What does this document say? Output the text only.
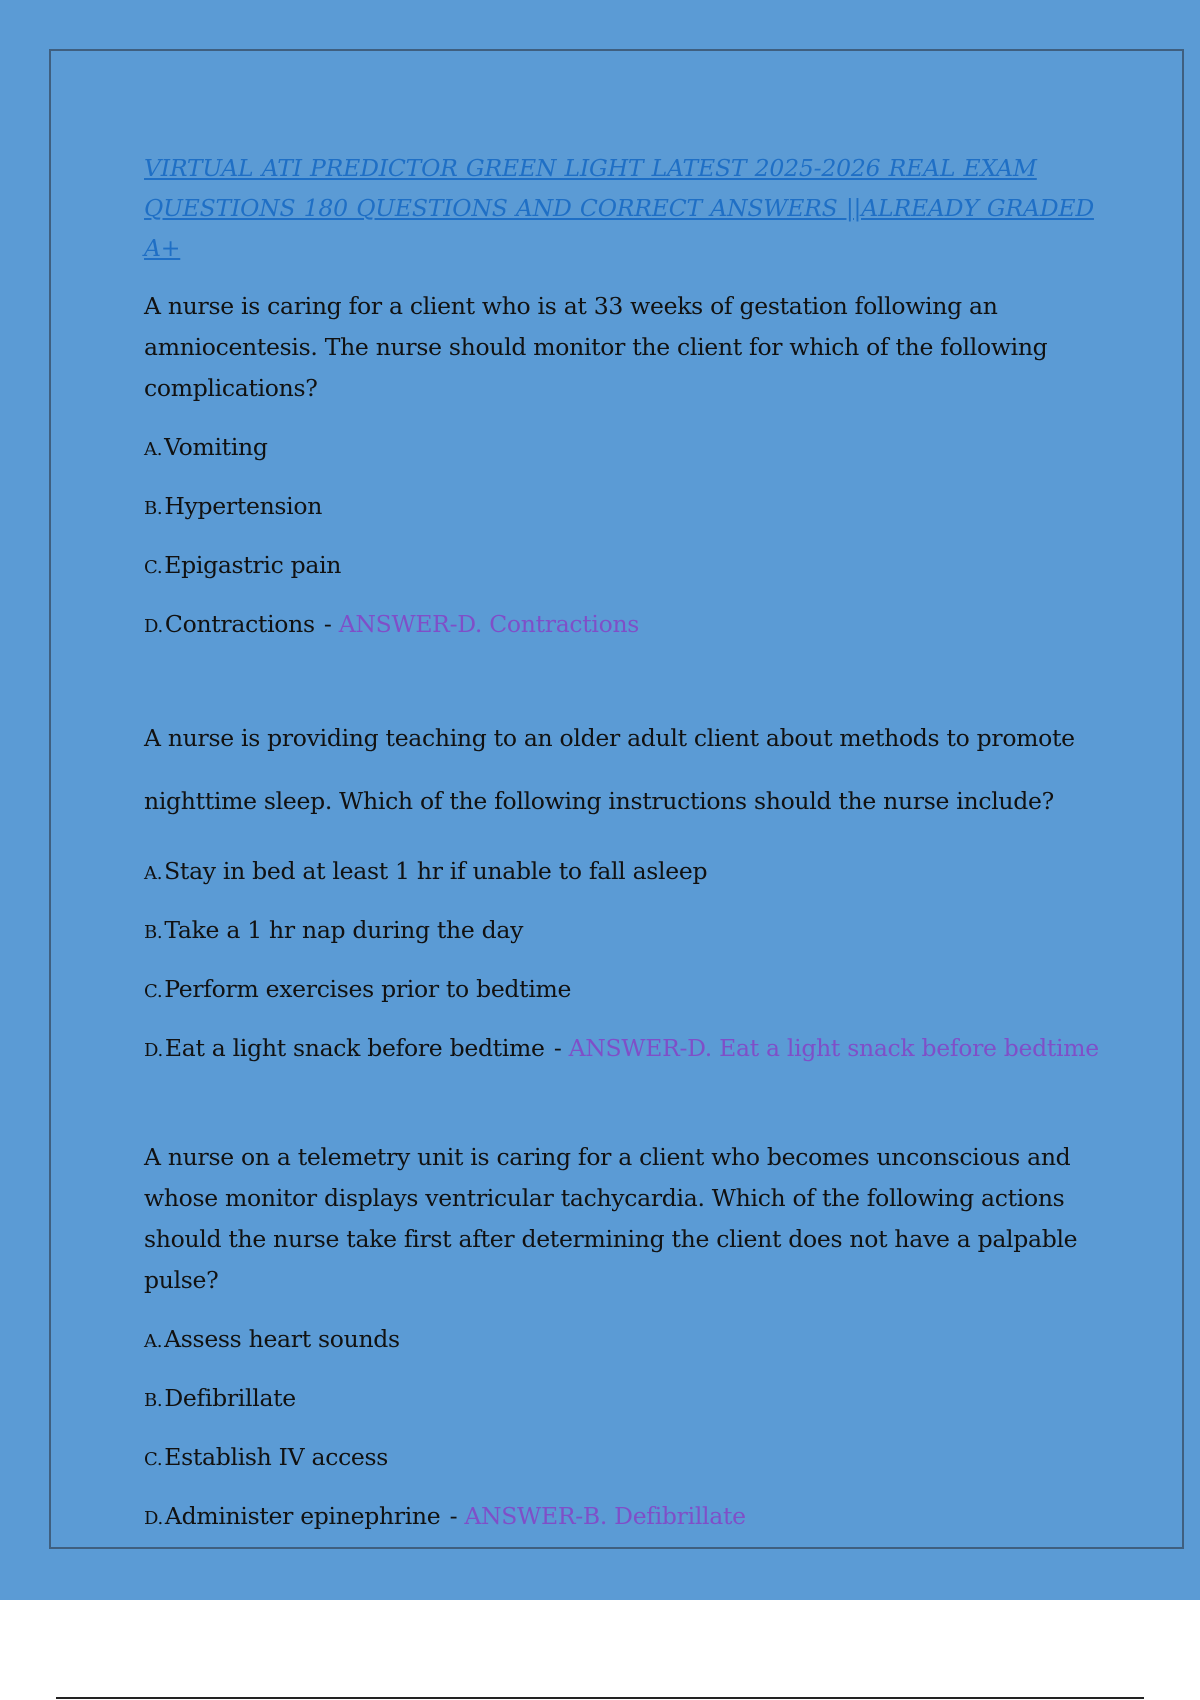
VIRTUAL ATI PREDICTOR GREEN LIGHT LATEST 2025-2026 REAL EXAM QUESTIONS 180 QUESTIONS AND CORRECT ANSWERS ||ALREADY GRADED A+

A nurse is caring for a client who is at 33 weeks of gestation following an amniocentesis. The nurse should monitor the client for which of the following complications?

A.Vomiting
B.Hypertension
C.Epigastric pain
D.Contractions - ANSWER-D. Contractions

A nurse is providing teaching to an older adult client about methods to promote nighttime sleep. Which of the following instructions should the nurse include?

A.Stay in bed at least 1 hr if unable to fall asleep
B.Take a 1 hr nap during the day
C.Perform exercises prior to bedtime
D.Eat a light snack before bedtime - ANSWER-D. Eat a light snack before bedtime

A nurse on a telemetry unit is caring for a client who becomes unconscious and whose monitor displays ventricular tachycardia. Which of the following actions should the nurse take first after determining the client does not have a palpable pulse?

A.Assess heart sounds
B.Defibrillate
C.Establish IV access
D.Administer epinephrine - ANSWER-B. Defibrillate
